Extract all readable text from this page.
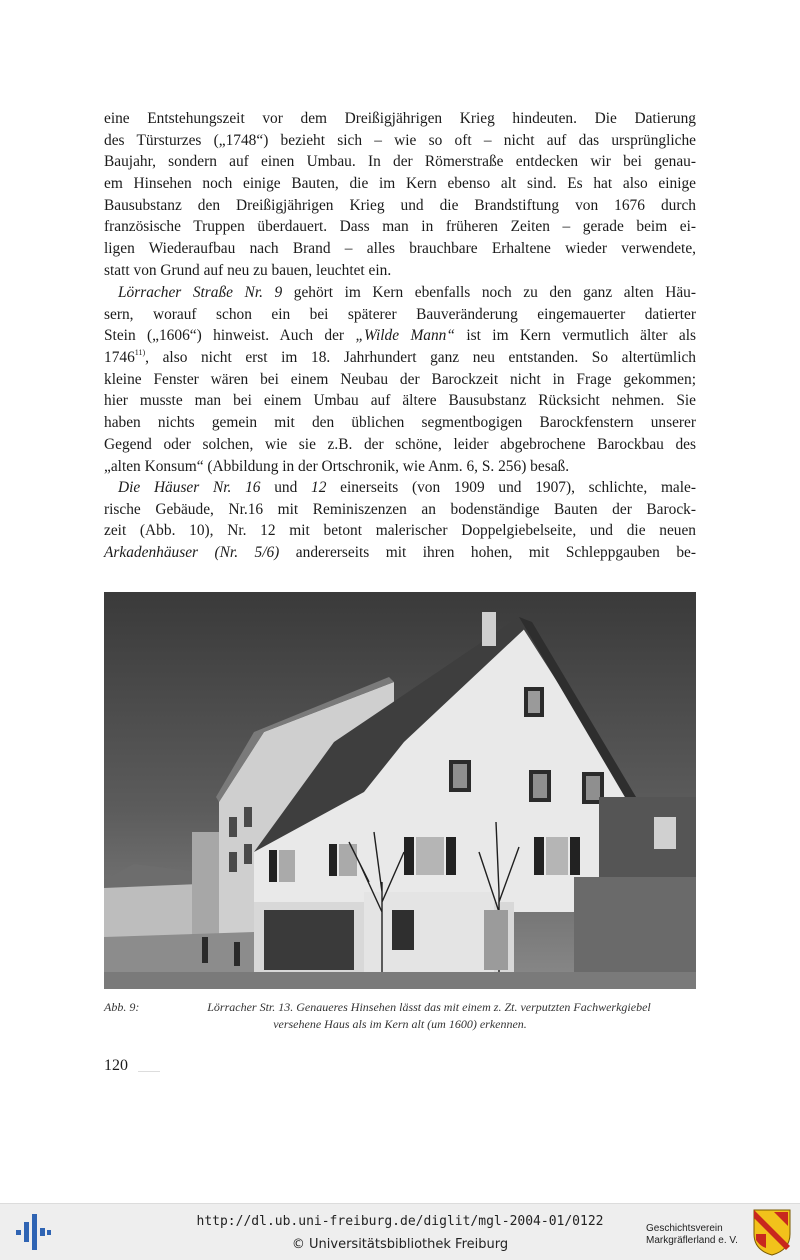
eine Entstehungszeit vor dem Dreißigjährigen Krieg hindeuten. Die Datierung
des Türsturzes („1748“) bezieht sich – wie so oft – nicht auf das ursprüngliche
Baujahr, sondern auf einen Umbau. In der Römerstraße entdecken wir bei genau-
em Hinsehen noch einige Bauten, die im Kern ebenso alt sind. Es hat also einige
Bausubstanz den Dreißigjährigen Krieg und die Brandstiftung von 1676 durch
französische Truppen überdauert. Dass man in früheren Zeiten – gerade beim ei-
ligen Wiederaufbau nach Brand – alles brauchbare Erhaltene wieder verwendete,
statt von Grund auf neu zu bauen, leuchtet ein.
Lörracher Straße Nr. 9 gehört im Kern ebenfalls noch zu den ganz alten Häu-
sern, worauf schon ein bei späterer Bauveränderung eingemauerter datierter
Stein („1606“) hinweist. Auch der „Wilde Mann“ ist im Kern vermutlich älter als
1746$^{11)}$, also nicht erst im 18. Jahrhundert ganz neu entstanden. So altertümlich
kleine Fenster wären bei einem Neubau der Barockzeit nicht in Frage gekommen;
hier musste man bei einem Umbau auf ältere Bausubstanz Rücksicht nehmen. Sie
haben nichts gemein mit den üblichen segmentbogigen Barockfenstern unserer
Gegend oder solchen, wie sie z.B. der schöne, leider abgebrochene Barockbau des
„alten Konsum“ (Abbildung in der Ortschronik, wie Anm. 6, S. 256) besaß.
Die Häuser Nr. 16 und 12 einerseits (von 1909 und 1907), schlichte, male-
rische Gebäude, Nr.16 mit Reminiszenzen an bodenständige Bauten der Barock-
zeit (Abb. 10), Nr. 12 mit betont malerischer Doppelgiebelseite, und die neuen
Arkadenhäuser (Nr. 5/6) andererseits mit ihren hohen, mit Schleppgauben be-
Abb. 9:	Lörracher Str. 13. Genaueres Hinsehen lässt das mit einem z. Zt. verputzten Fachwerkgiebel
versehene Haus als im Kern alt (um 1600) erkennen.
120
http://dl.ub.uni-freiburg.de/diglit/mgl-2004-01/0122
© Universitätsbibliothek Freiburg
Geschichtsverein
Markgräflerland e. V.
